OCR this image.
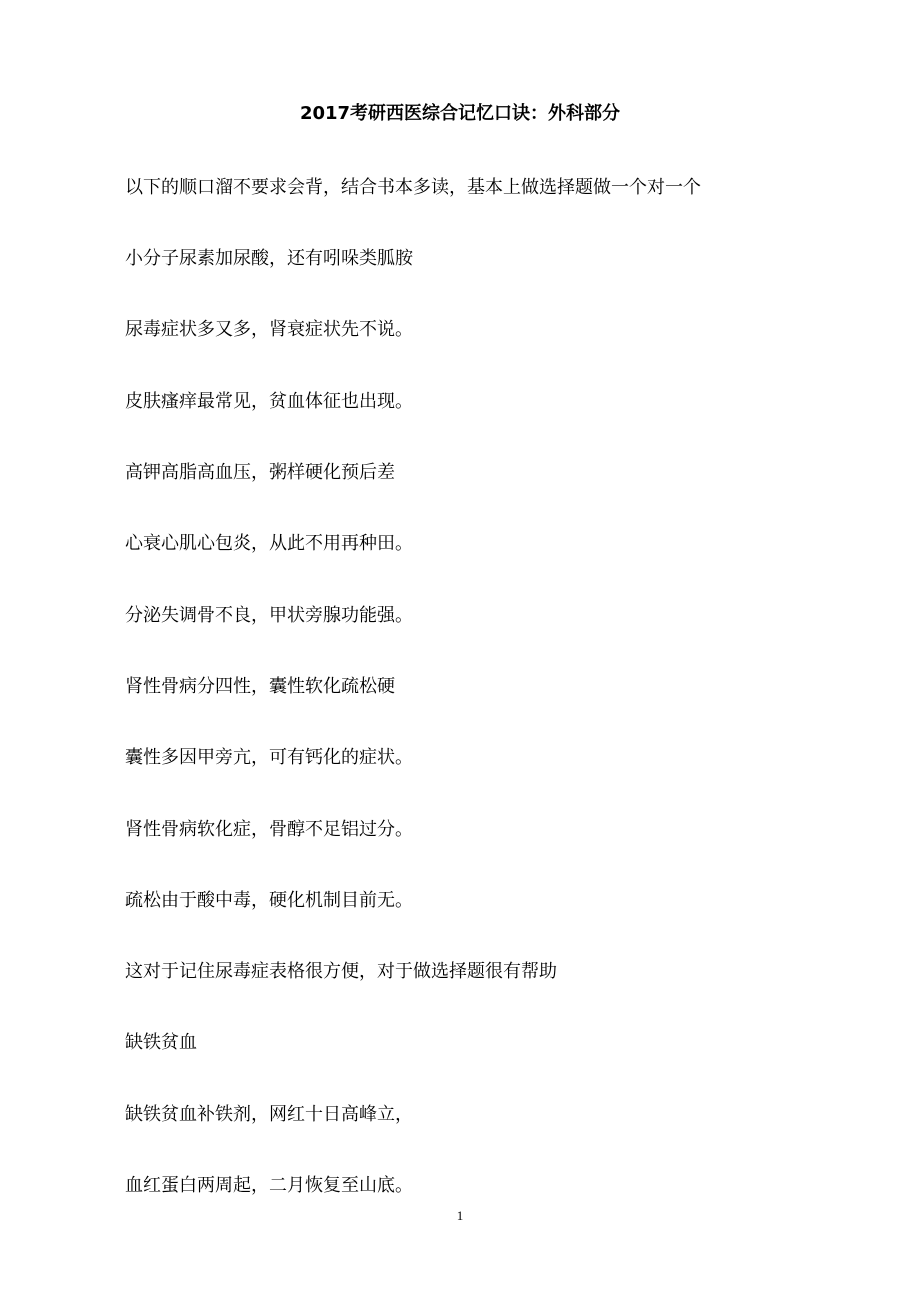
2017考研西医综合记忆口诀：外科部分

以下的顺口溜不要求会背，结合书本多读，基本上做选择题做一个对一个

小分子尿素加尿酸，还有吲哚类胍胺

尿毒症状多又多，肾衰症状先不说。

皮肤瘙痒最常见，贫血体征也出现。

高钾高脂高血压，粥样硬化预后差

心衰心肌心包炎，从此不用再种田。

分泌失调骨不良，甲状旁腺功能强。

肾性骨病分四性，囊性软化疏松硬

囊性多因甲旁亢，可有钙化的症状。

肾性骨病软化症，骨醇不足铝过分。

疏松由于酸中毒，硬化机制目前无。

这对于记住尿毒症表格很方便，对于做选择题很有帮助

缺铁贫血

缺铁贫血补铁剂，网红十日高峰立，

血红蛋白两周起，二月恢复至山底。

1
